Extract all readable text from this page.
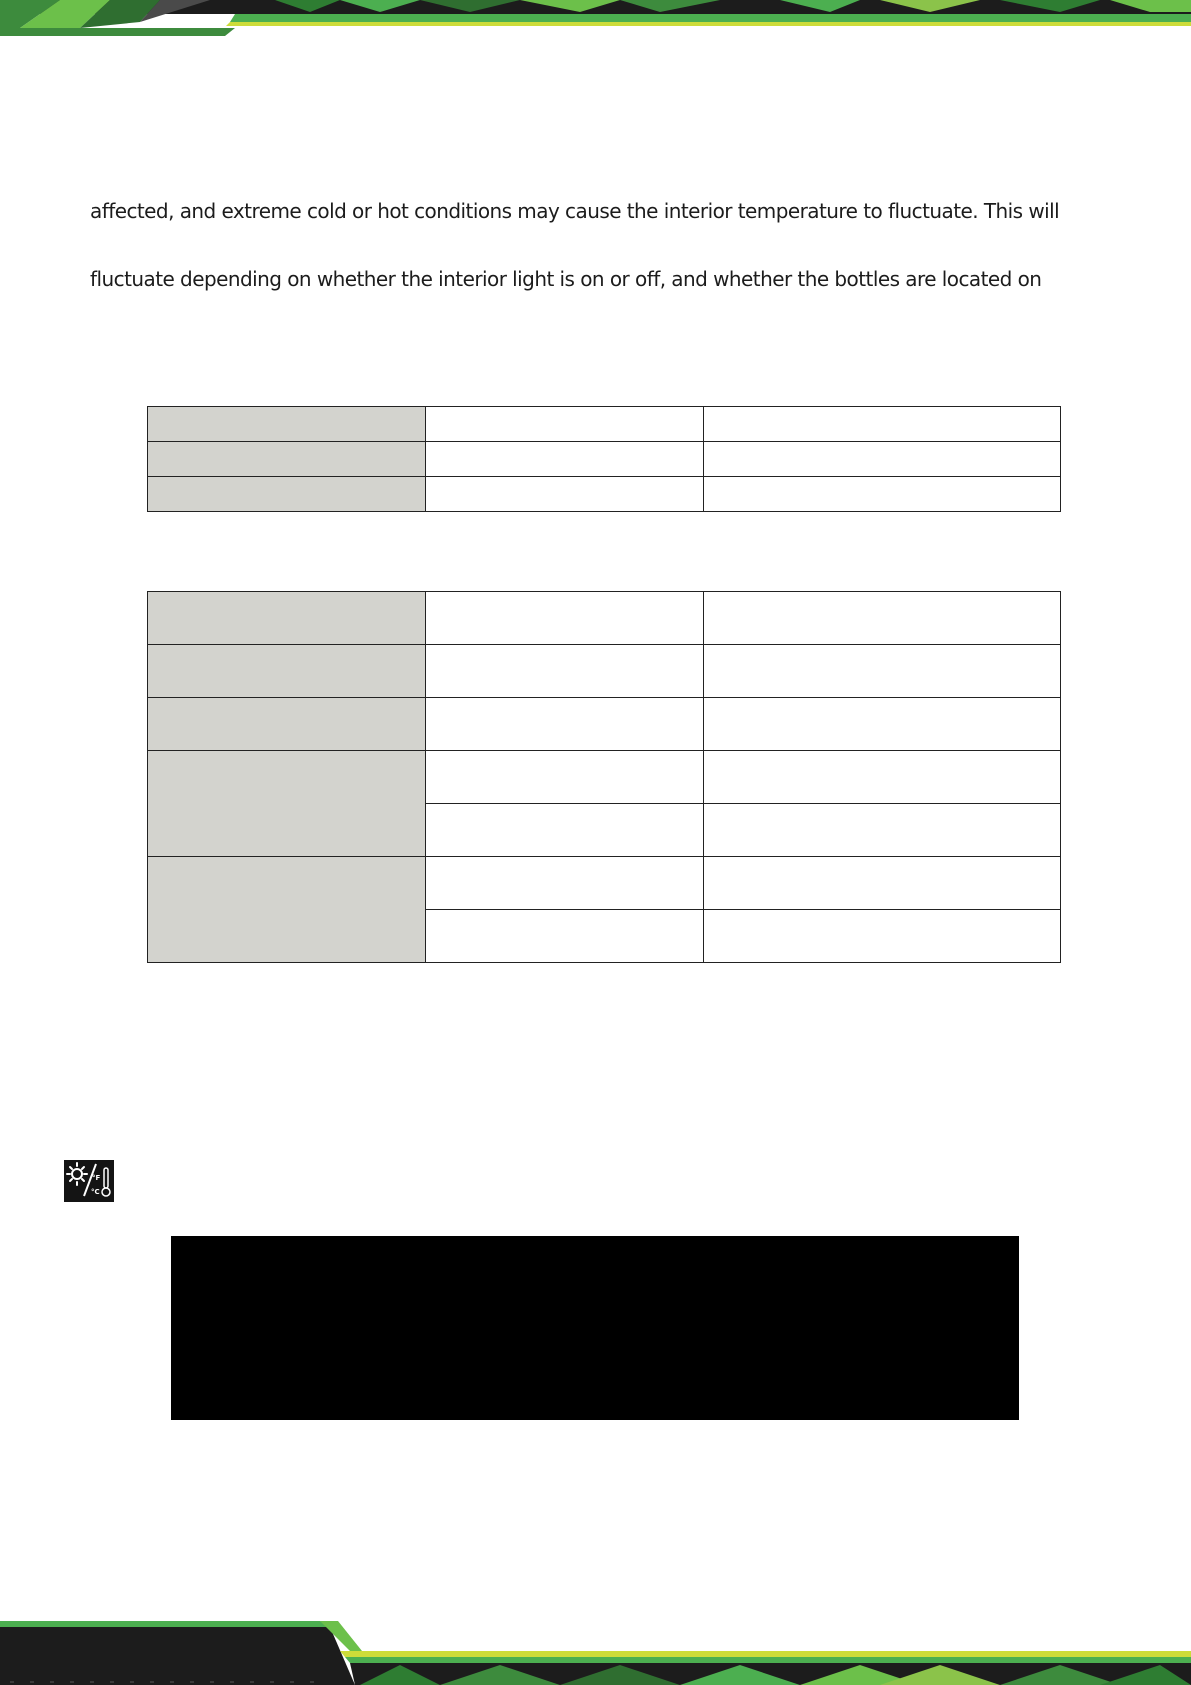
affected, and extreme cold or hot conditions may cause the interior temperature to fluctuate. This will

fluctuate depending on whether the interior light is on or off, and whether the bottles are located on

°F
°C
